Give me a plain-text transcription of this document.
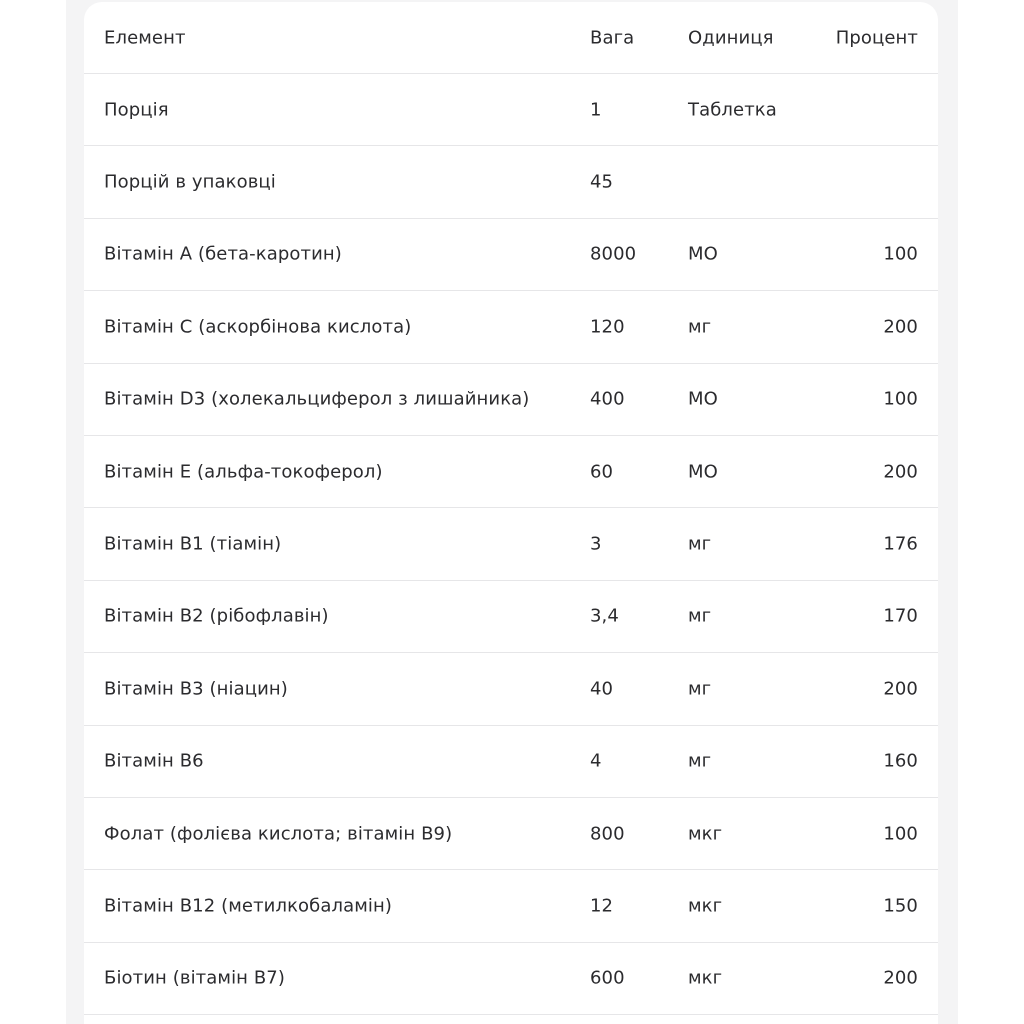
Елемент	Вага	Одиниця	Процент
Порція	1	Таблетка
Порцій в упаковці	45
Вітамін A (бета-каротин)	8000	МО	100
Вітамін C (аскорбінова кислота)	120	мг	200
Вітамін D3 (холекальциферол з лишайника)	400	МО	100
Вітамін E (альфа-токоферол)	60	МО	200
Вітамін B1 (тіамін)	3	мг	176
Вітамін B2 (рібофлавін)	3,4	мг	170
Вітамін B3 (ніацин)	40	мг	200
Вітамін B6	4	мг	160
Фолат (фолієва кислота; вітамін B9)	800	мкг	100
Вітамін B12 (метилкобаламін)	12	мкг	150
Біотин (вітамін B7)	600	мкг	200
